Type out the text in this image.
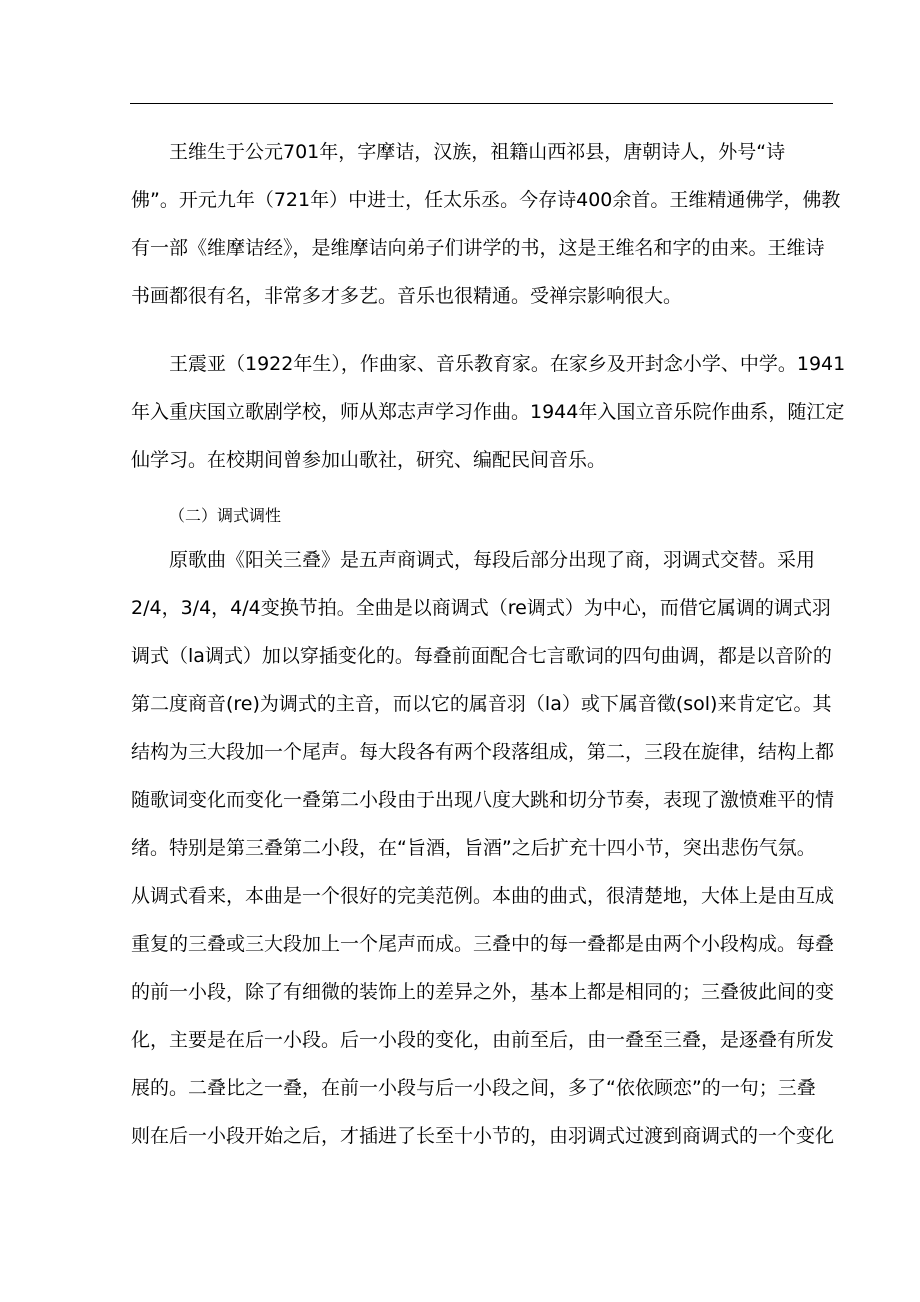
王维生于公元701年，字摩诘，汉族，祖籍山西祁县，唐朝诗人，外号“诗
佛”。开元九年（721年）中进士，任太乐丞。今存诗400余首。王维精通佛学，佛教
有一部《维摩诘经》，是维摩诘向弟子们讲学的书，这是王维名和字的由来。王维诗
书画都很有名，非常多才多艺。音乐也很精通。受禅宗影响很大。
王震亚（1922年生），作曲家、音乐教育家。在家乡及开封念小学、中学。1941
年入重庆国立歌剧学校，师从郑志声学习作曲。1944年入国立音乐院作曲系，随江定
仙学习。在校期间曾参加山歌社，研究、编配民间音乐。
（二）调式调性
原歌曲《阳关三叠》是五声商调式，每段后部分出现了商，羽调式交替。采用
2/4，3/4，4/4变换节拍。全曲是以商调式（re调式）为中心，而借它属调的调式羽
调式（la调式）加以穿插变化的。每叠前面配合七言歌词的四句曲调，都是以音阶的
第二度商音(re)为调式的主音，而以它的属音羽（la）或下属音徵(sol)来肯定它。其
结构为三大段加一个尾声。每大段各有两个段落组成，第二，三段在旋律，结构上都
随歌词变化而变化一叠第二小段由于出现八度大跳和切分节奏，表现了激愤难平的情
绪。特别是第三叠第二小段，在“旨酒，旨酒”之后扩充十四小节，突出悲伤气氛。
从调式看来，本曲是一个很好的完美范例。本曲的曲式，很清楚地，大体上是由互成
重复的三叠或三大段加上一个尾声而成。三叠中的每一叠都是由两个小段构成。每叠
的前一小段，除了有细微的装饰上的差异之外，基本上都是相同的；三叠彼此间的变
化，主要是在后一小段。后一小段的变化，由前至后，由一叠至三叠，是逐叠有所发
展的。二叠比之一叠，在前一小段与后一小段之间，多了“依依顾恋”的一句；三叠
则在后一小段开始之后，才插进了长至十小节的，由羽调式过渡到商调式的一个变化
